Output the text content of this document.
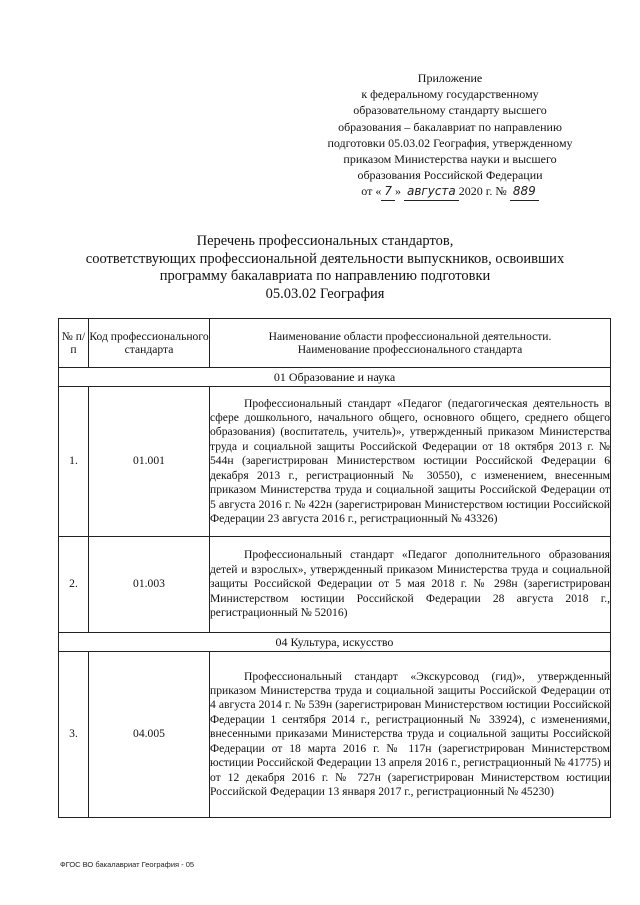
Приложение
к федеральному государственному
образовательному стандарту высшего
образования – бакалавриат по направлению
подготовки 05.03.02 География, утвержденному
приказом Министерства науки и высшего
образования Российской Федерации
от « 7 » августа 2020 г. № 889
Перечень профессиональных стандартов,
соответствующих профессиональной деятельности выпускников, освоивших
программу бакалавриата по направлению подготовки
05.03.02 География
№ п/п	Код профессионального стандарта	Наименование области профессиональной деятельности.
Наименование профессионального стандарта

01 Образование и наука		
1.	01.001	Профессиональный стандарт «Педагог (педагогическая деятельность в сфере дошкольного, начального общего, основного общего, среднего общего образования) (воспитатель, учитель)», утвержденный приказом Министерства труда и социальной защиты Российской Федерации от 18 октября 2013 г. № 544н (зарегистрирован Министерством юстиции Российской Федерации 6 декабря 2013 г., регистрационный № 30550), с изменением, внесенным приказом Министерства труда и социальной защиты Российской Федерации от 5 августа 2016 г. № 422н (зарегистрирован Министерством юстиции Российской Федерации 23 августа 2016 г., регистрационный № 43326)

2.	01.003	Профессиональный стандарт «Педагог дополнительного образования детей и взрослых», утвержденный приказом Министерства труда и социальной защиты Российской Федерации от 5 мая 2018 г. № 298н (зарегистрирован Министерством юстиции Российской Федерации 28 августа 2018 г., регистрационный № 52016)

04 Культура, искусство		
3.	04.005	Профессиональный стандарт «Экскурсовод (гид)», утвержденный приказом Министерства труда и социальной защиты Российской Федерации от 4 августа 2014 г. № 539н (зарегистрирован Министерством юстиции Российской Федерации 1 сентября 2014 г., регистрационный № 33924), с изменениями, внесенными приказами Министерства труда и социальной защиты Российской Федерации от 18 марта 2016 г. № 117н (зарегистрирован Министерством юстиции Российской Федерации 13 апреля 2016 г., регистрационный № 41775) и от 12 декабря 2016 г. № 727н (зарегистрирован Министерством юстиции Российской Федерации 13 января 2017 г., регистрационный № 45230)
ФГОС ВО бакалавриат География - 05
